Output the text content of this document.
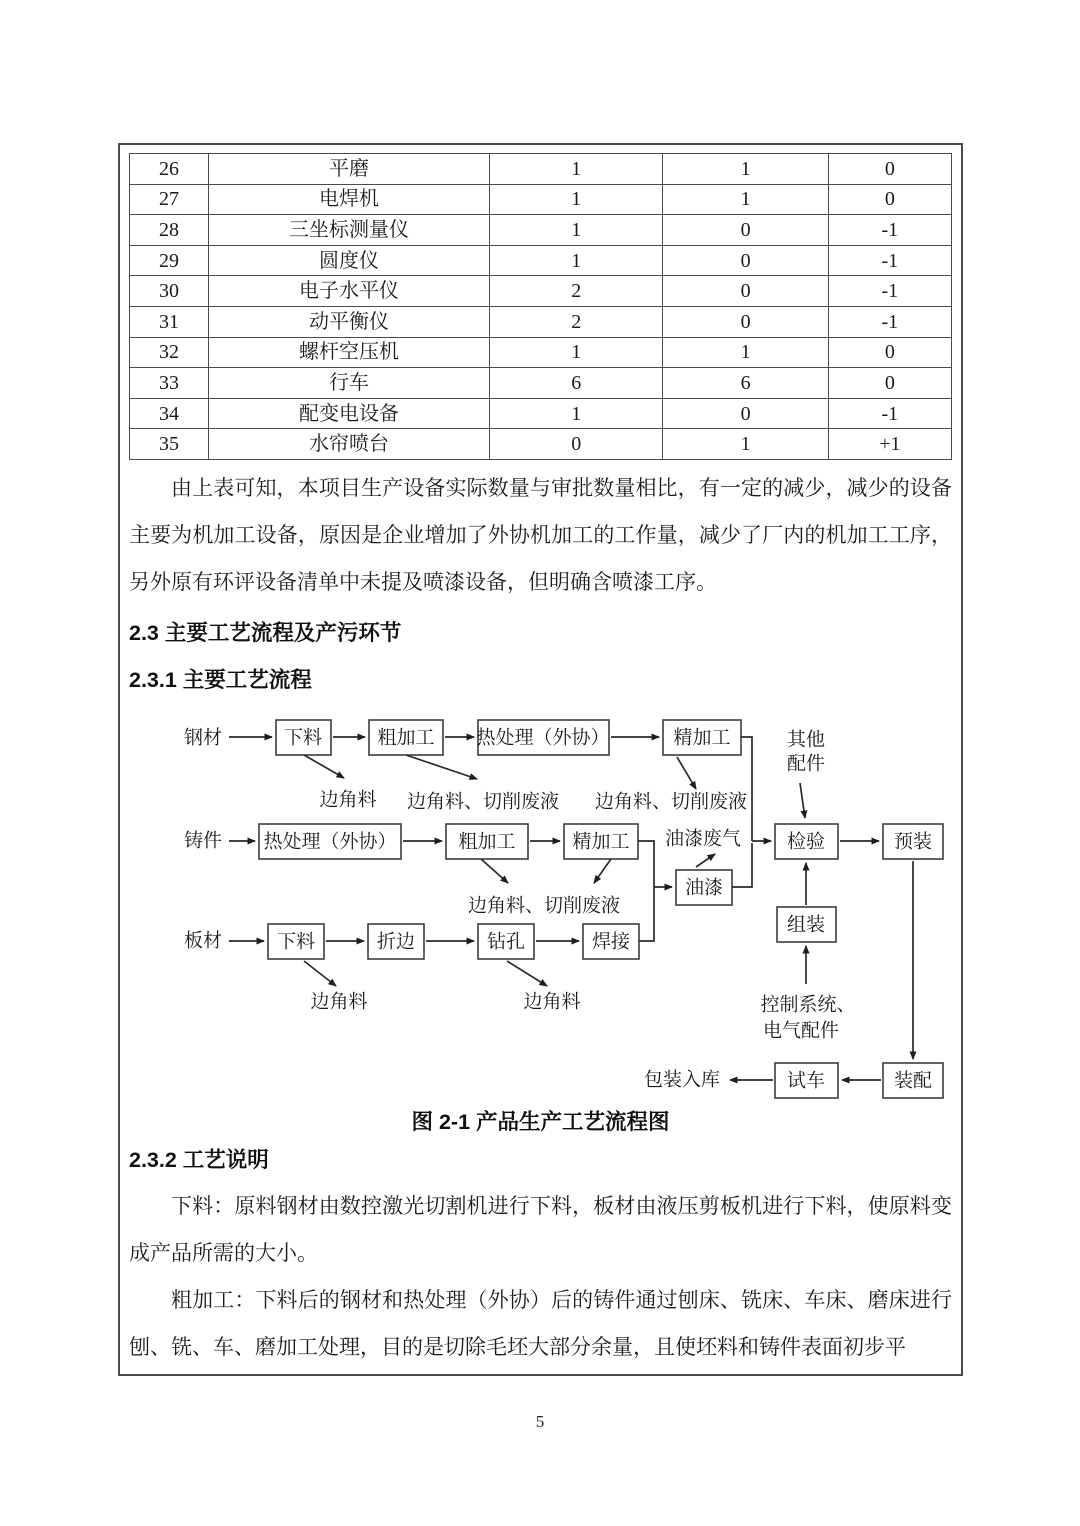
26	平磨	1	1	0
27	电焊机	1	1	0
28	三坐标测量仪	1	0	-1
29	圆度仪	1	0	-1
30	电子水平仪	2	0	-1
31	动平衡仪	2	0	-1
32	螺杆空压机	1	1	0
33	行车	6	6	0
34	配变电设备	1	0	-1
35	水帘喷台	0	1	+1

由上表可知，本项目生产设备实际数量与审批数量相比，有一定的减少，减少的设备主要为机加工设备，原因是企业增加了外协机加工的工作量，减少了厂内的机加工工序，另外原有环评设备清单中未提及喷漆设备，但明确含喷漆工序。

2.3 主要工艺流程及产污环节

2.3.1 主要工艺流程

钢材	下料	粗加工 热处理（外协）	精加工
边角料 边角料、切削废液 边角料、切削废液
其他
配件
铸件 热处理（外协）	粗加工	精加工 油漆废气
油漆
检验	预装
边角料、切削废液
组装
控制系统、
电气配件
板材	下料	折边	钻孔	焊接
边角料	边角料
装配
试车
包装入库

图 2-1 产品生产工艺流程图

2.3.2 工艺说明

下料：原料钢材由数控激光切割机进行下料，板材由液压剪板机进行下料，使原料变成产品所需的大小。

粗加工：下料后的钢材和热处理（外协）后的铸件通过刨床、铣床、车床、磨床进行刨、铣、车、磨加工处理，目的是切除毛坯大部分余量，且使坯料和铸件表面初步平

5
